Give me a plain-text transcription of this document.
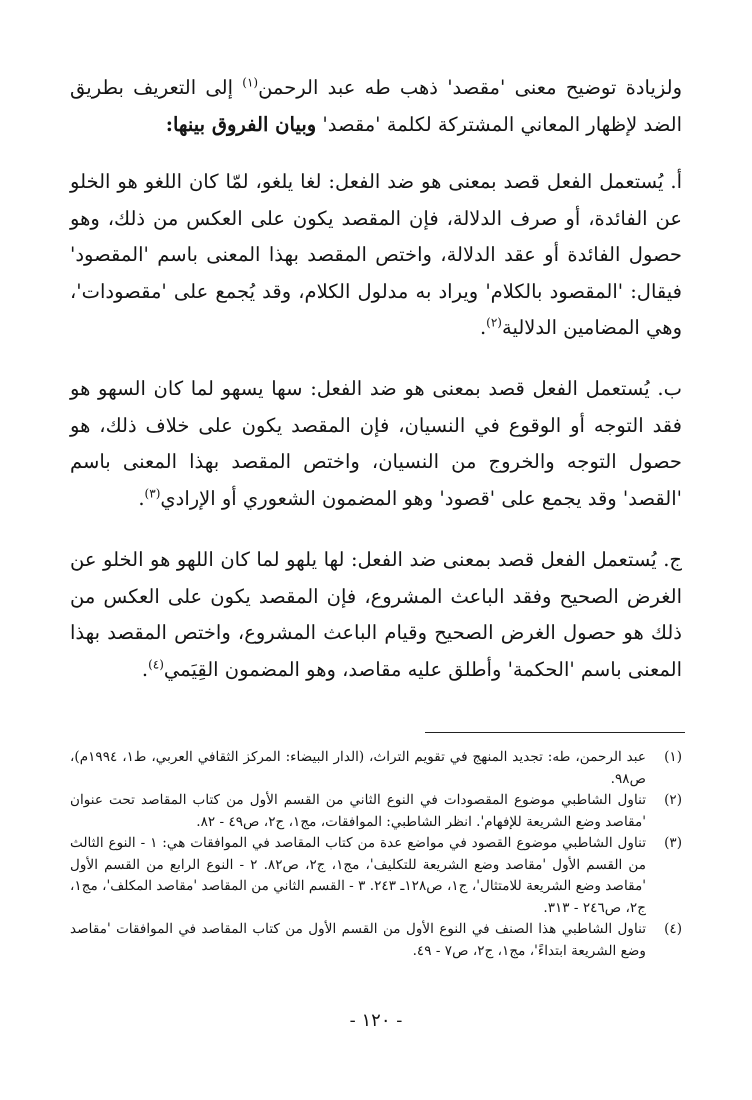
ولزيادة توضيح معنى 'مقصد' ذهب طه عبد الرحمن$^{(١)}$ إلى التعريف بطريق الضد لإظهار المعاني المشتركة لكلمة 'مقصد' وبيان الفروق بينها:

أ. يُستعمل الفعل قصد بمعنى هو ضد الفعل: لغا يلغو، لمّا كان اللغو هو الخلو عن الفائدة، أو صرف الدلالة، فإن المقصد يكون على العكس من ذلك، وهو حصول الفائدة أو عقد الدلالة، واختص المقصد بهذا المعنى باسم 'المقصود' فيقال: 'المقصود بالكلام' ويراد به مدلول الكلام، وقد يُجمع على 'مقصودات'، وهي المضامين الدلالية$^{(٢)}$.

ب. يُستعمل الفعل قصد بمعنى هو ضد الفعل: سها يسهو لما كان السهو هو فقد التوجه أو الوقوع في النسيان، فإن المقصد يكون على خلاف ذلك، هو حصول التوجه والخروج من النسيان، واختص المقصد بهذا المعنى باسم 'القصد' وقد يجمع على 'قصود' وهو المضمون الشعوري أو الإرادي$^{(٣)}$.

ج. يُستعمل الفعل قصد بمعنى ضد الفعل: لها يلهو لما كان اللهو هو الخلو عن الغرض الصحيح وفقد الباعث المشروع، فإن المقصد يكون على العكس من ذلك هو حصول الغرض الصحيح وقيام الباعث المشروع، واختص المقصد بهذا المعنى باسم 'الحكمة' وأطلق عليه مقاصد، وهو المضمون القِيَمي$^{(٤)}$.

(١)
عبد الرحمن، طه: تجديد المنهج في تقويم التراث، (الدار البيضاء: المركز الثقافي العربي، ط١، ١٩٩٤م)، ص٩٨.
(٢)
تناول الشاطبي موضوع المقصودات في النوع الثاني من القسم الأول من كتاب المقاصد تحت عنوان 'مقاصد وضع الشريعة للإفهام'. انظر الشاطبي: الموافقات، مج١، ج٢، ص٤٩ - ٨٢.
(٣)
تناول الشاطبي موضوع القصود في مواضع عدة من كتاب المقاصد في الموافقات هي: ١ - النوع الثالث من القسم الأول 'مقاصد وضع الشريعة للتكليف'، مج١، ج٢، ص٨٢. ٢ - النوع الرابع من القسم الأول 'مقاصد وضع الشريعة للامتثال'، ج١، ص١٢٨ـ ٢٤٣. ٣ - القسم الثاني من المقاصد 'مقاصد المكلف'، مج١، ج٢، ص٢٤٦ - ٣١٣.
(٤)
تناول الشاطبي هذا الصنف في النوع الأول من القسم الأول من كتاب المقاصد في الموافقات 'مقاصد وضع الشريعة ابتداءً'، مج١، ج٢، ص٧ - ٤٩.
- ١٢٠ -
